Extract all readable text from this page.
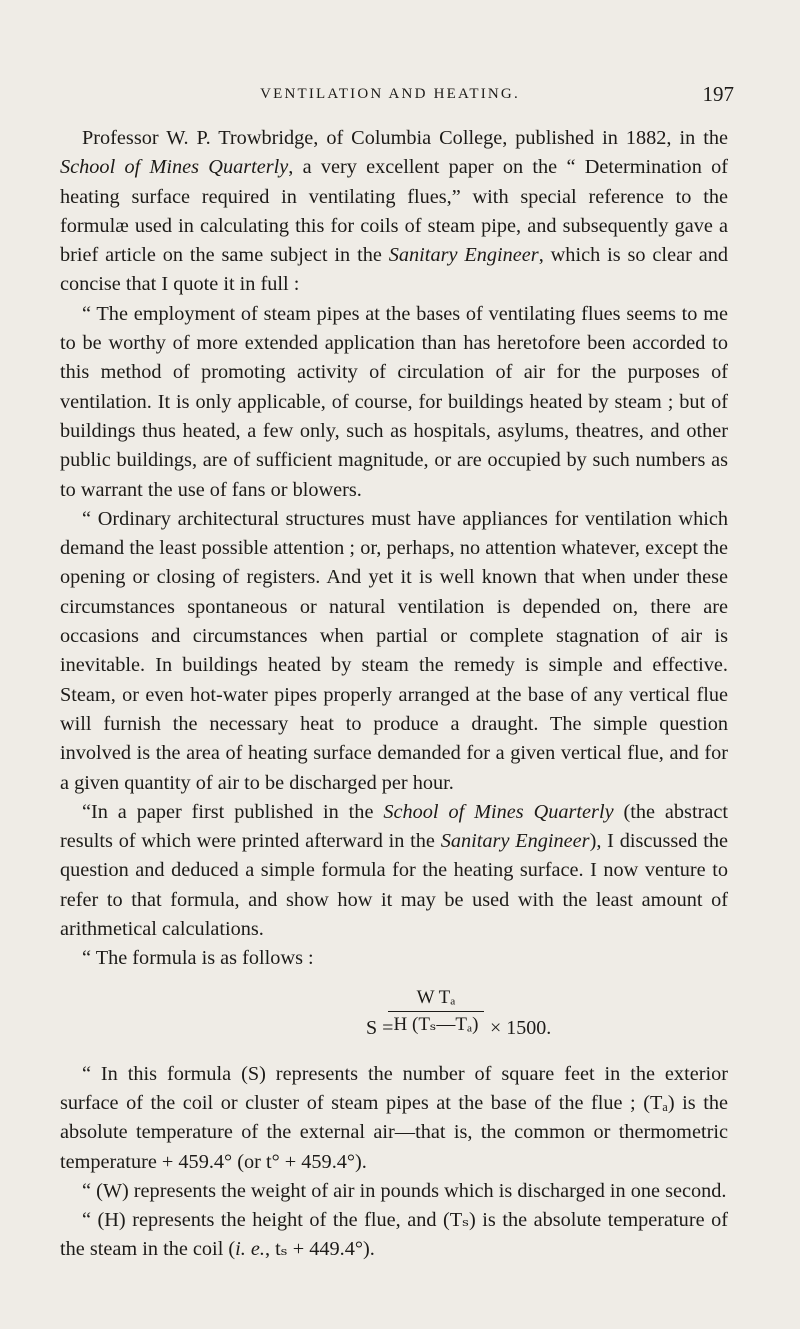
VENTILATION AND HEATING.	197

Professor W. P. Trowbridge, of Columbia College, published in 1882, in the School of Mines Quarterly, a very excellent paper on the “ Determination of heating surface required in ventilating flues,” with special reference to the formulæ used in calculating this for coils of steam pipe, and subsequently gave a brief article on the same subject in the Sanitary Engineer, which is so clear and concise that I quote it in full :

“ The employment of steam pipes at the bases of ventilating flues seems to me to be worthy of more extended application than has heretofore been accorded to this method of promoting activity of circulation of air for the purposes of ventilation. It is only applicable, of course, for buildings heated by steam ; but of buildings thus heated, a few only, such as hospitals, asylums, theatres, and other public buildings, are of sufficient magnitude, or are occupied by such numbers as to warrant the use of fans or blowers.

“ Ordinary architectural structures must have appliances for ventilation which demand the least possible attention ; or, perhaps, no attention whatever, except the opening or closing of registers. And yet it is well known that when under these circumstances spontaneous or natural ventilation is depended on, there are occasions and circumstances when partial or complete stagnation of air is inevitable. In buildings heated by steam the remedy is simple and effective. Steam, or even hot-water pipes properly arranged at the base of any vertical flue will furnish the necessary heat to produce a draught. The simple question involved is the area of heating surface demanded for a given vertical flue, and for a given quantity of air to be discharged per hour.

“In a paper first published in the School of Mines Quarterly (the abstract results of which were printed afterward in the Sanitary Engineer), I discussed the question and deduced a simple formula for the heating surface. I now venture to refer to that formula, and show how it may be used with the least amount of arithmetical calculations.

“ The formula is as follows :

S =
W Tₐ
H (Tₛ—Tₐ) × 1500.

“ In this formula (S) represents the number of square feet in the exterior surface of the coil or cluster of steam pipes at the base of the flue ; (Tₐ) is the absolute temperature of the external air—that is, the common or thermometric temperature + 459.4° (or t° + 459.4°).

“ (W) represents the weight of air in pounds which is discharged in one second.

“ (H) represents the height of the flue, and (Tₛ) is the absolute temperature of the steam in the coil (i. e., tₛ + 449.4°).
